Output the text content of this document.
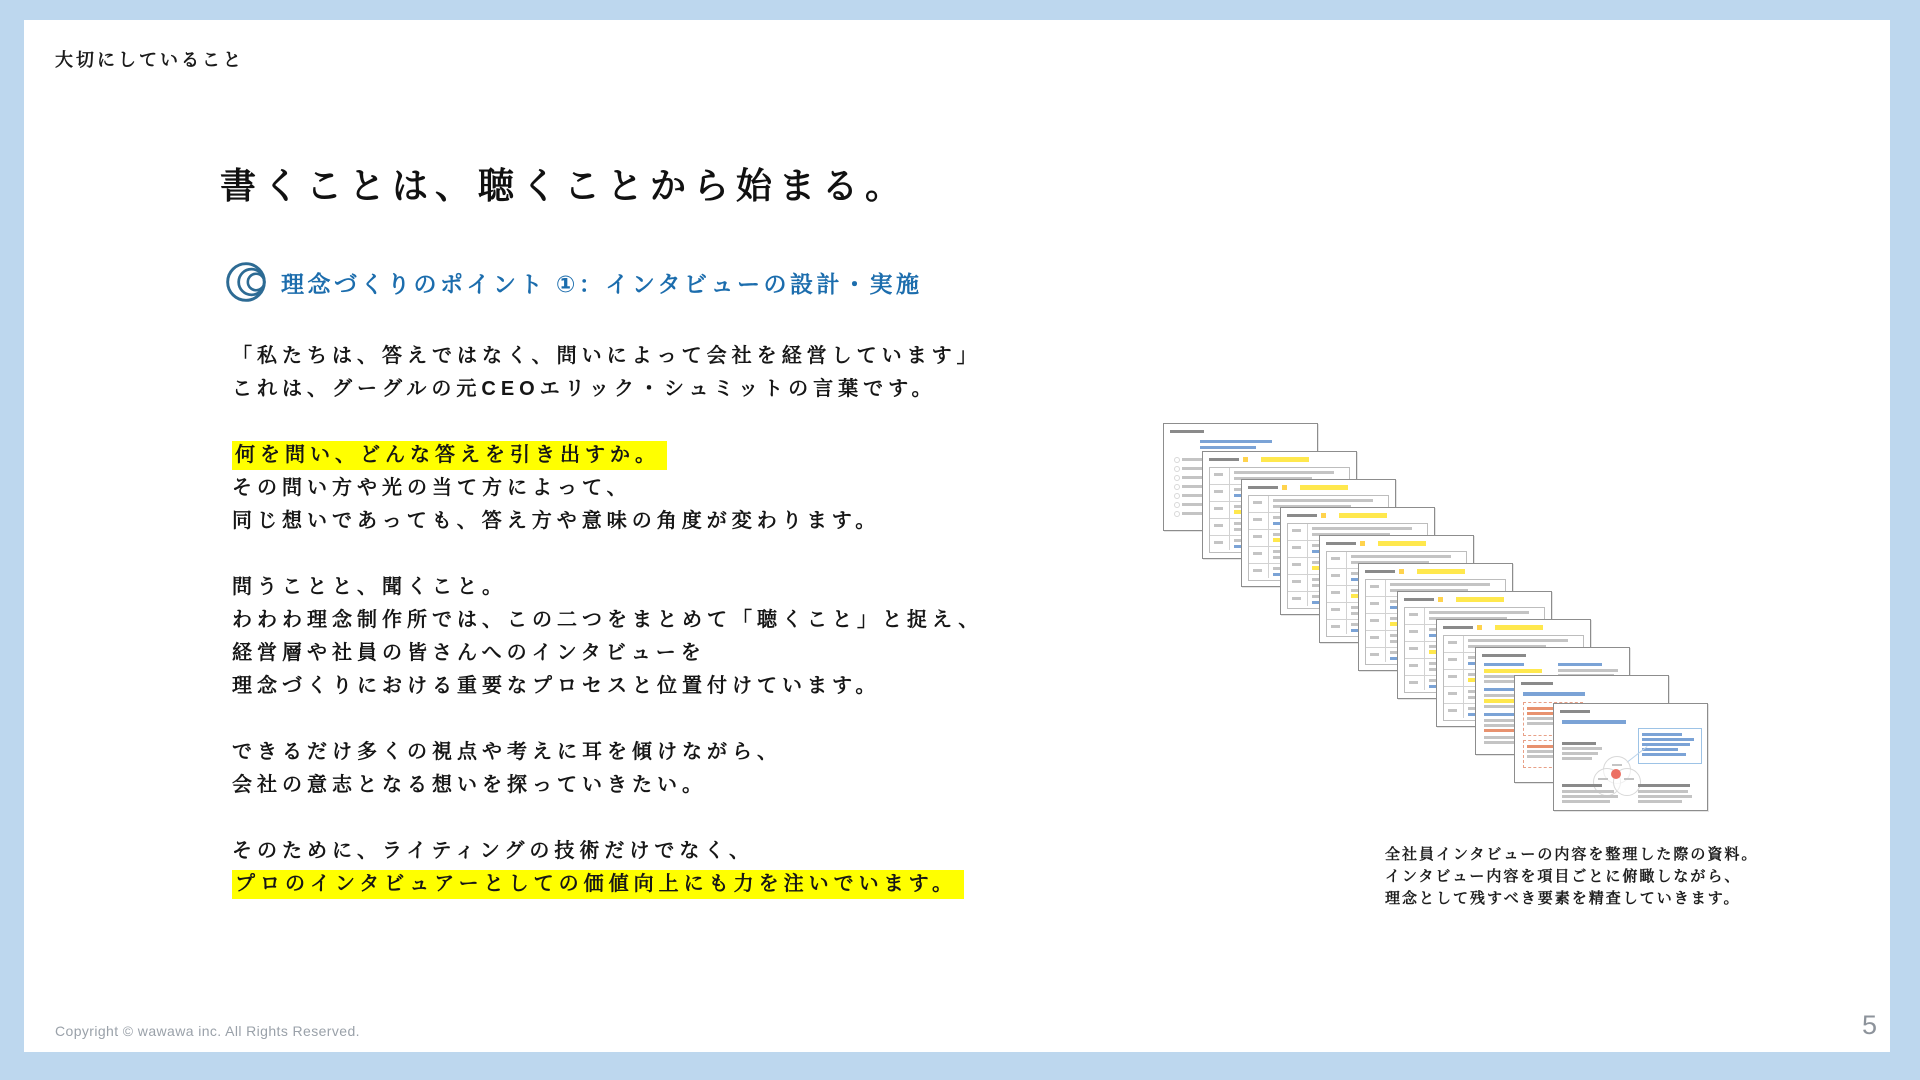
大切にしていること
書くことは、聴くことから始まる。
理念づくりのポイント ①：インタビューの設計・実施
「私たちは、答えではなく、問いによって会社を経営しています」
これは、グーグルの元CEOエリック・シュミットの言葉です。
何を問い、どんな答えを引き出すか。
その問い方や光の当て方によって、
同じ想いであっても、答え方や意味の角度が変わります。
問うことと、聞くこと。
わわわ理念制作所では、この二つをまとめて「聴くこと」と捉え、
経営層や社員の皆さんへのインタビューを
理念づくりにおける重要なプロセスと位置付けています。
できるだけ多くの視点や考えに耳を傾けながら、
会社の意志となる想いを探っていきたい。
そのために、ライティングの技術だけでなく、
プロのインタビュアーとしての価値向上にも力を注いでいます。
全社員インタビューの内容を整理した際の資料。
インタビュー内容を項目ごとに俯瞰しながら、
理念として残すべき要素を精査していきます。
Copyright © wawawa inc. All Rights Reserved.	5
